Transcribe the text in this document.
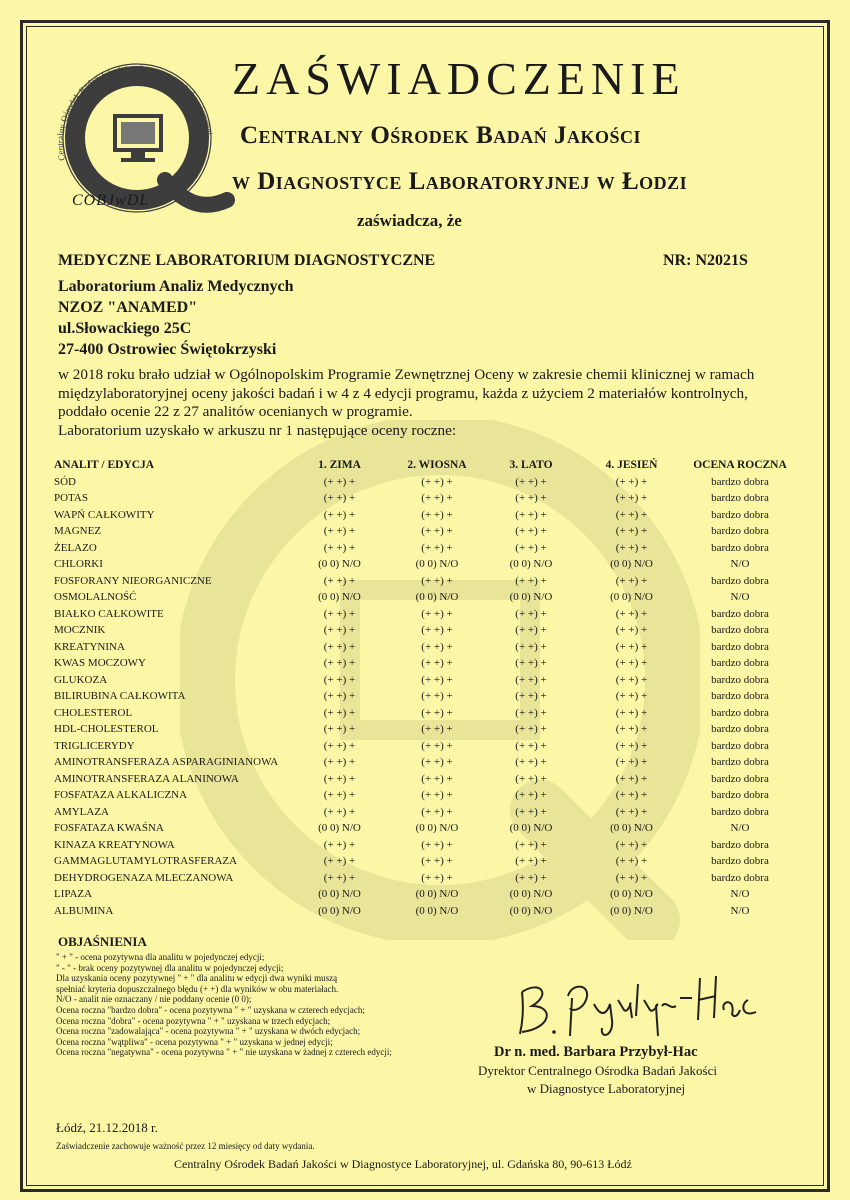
Centralny Ośrodek Badań Jakości w Diagnostyce Laboratoryjnej
COBJwDL
ZAŚWIADCZENIE
Centralny Ośrodek Badań Jakości
w Diagnostyce Laboratoryjnej w Łodzi
zaświadcza, że
MEDYCZNE LABORATORIUM DIAGNOSTYCZNE	NR: N2021S
Laboratorium Analiz Medycznych
NZOZ "ANAMED"
ul.Słowackiego 25C
27-400 Ostrowiec Świętokrzyski
w 2018 roku brało udział w Ogólnopolskim Programie Zewnętrznej Oceny w zakresie chemii klinicznej w ramach
międzylaboratoryjnej oceny jakości badań i w 4 z 4 edycji programu, każda z użyciem 2 materiałów kontrolnych,
poddało ocenie 22 z 27 analitów ocenianych w programie.
Laboratorium uzyskało w arkuszu nr 1 następujące oceny roczne:
ANALIT / EDYCJA	1. ZIMA	2. WIOSNA	3. LATO	4. JESIEŃ	OCENA ROCZNA
SÓD	(+ +) +	(+ +) +	(+ +) +	(+ +) +	bardzo dobra
POTAS	(+ +) +	(+ +) +	(+ +) +	(+ +) +	bardzo dobra
WAPŃ CAŁKOWITY	(+ +) +	(+ +) +	(+ +) +	(+ +) +	bardzo dobra
MAGNEZ	(+ +) +	(+ +) +	(+ +) +	(+ +) +	bardzo dobra
ŻELAZO	(+ +) +	(+ +) +	(+ +) +	(+ +) +	bardzo dobra
CHLORKI	(0 0) N/O	(0 0) N/O	(0 0) N/O	(0 0) N/O	N/O
FOSFORANY NIEORGANICZNE	(+ +) +	(+ +) +	(+ +) +	(+ +) +	bardzo dobra
OSMOLALNOŚĆ	(0 0) N/O	(0 0) N/O	(0 0) N/O	(0 0) N/O	N/O
BIAŁKO CAŁKOWITE	(+ +) +	(+ +) +	(+ +) +	(+ +) +	bardzo dobra
MOCZNIK	(+ +) +	(+ +) +	(+ +) +	(+ +) +	bardzo dobra
KREATYNINA	(+ +) +	(+ +) +	(+ +) +	(+ +) +	bardzo dobra
KWAS MOCZOWY	(+ +) +	(+ +) +	(+ +) +	(+ +) +	bardzo dobra
GLUKOZA	(+ +) +	(+ +) +	(+ +) +	(+ +) +	bardzo dobra
BILIRUBINA CAŁKOWITA	(+ +) +	(+ +) +	(+ +) +	(+ +) +	bardzo dobra
CHOLESTEROL	(+ +) +	(+ +) +	(+ +) +	(+ +) +	bardzo dobra
HDL-CHOLESTEROL	(+ +) +	(+ +) +	(+ +) +	(+ +) +	bardzo dobra
TRIGLICERYDY	(+ +) +	(+ +) +	(+ +) +	(+ +) +	bardzo dobra
AMINOTRANSFERAZA ASPARAGINIANOWA	(+ +) +	(+ +) +	(+ +) +	(+ +) +	bardzo dobra
AMINOTRANSFERAZA ALANINOWA	(+ +) +	(+ +) +	(+ +) +	(+ +) +	bardzo dobra
FOSFATAZA ALKALICZNA	(+ +) +	(+ +) +	(+ +) +	(+ +) +	bardzo dobra
AMYLAZA	(+ +) +	(+ +) +	(+ +) +	(+ +) +	bardzo dobra
FOSFATAZA KWAŚNA	(0 0) N/O	(0 0) N/O	(0 0) N/O	(0 0) N/O	N/O
KINAZA KREATYNOWA	(+ +) +	(+ +) +	(+ +) +	(+ +) +	bardzo dobra
GAMMAGLUTAMYLOTRASFERAZA	(+ +) +	(+ +) +	(+ +) +	(+ +) +	bardzo dobra
DEHYDROGENAZA MLECZANOWA	(+ +) +	(+ +) +	(+ +) +	(+ +) +	bardzo dobra
LIPAZA	(0 0) N/O	(0 0) N/O	(0 0) N/O	(0 0) N/O	N/O
ALBUMINA	(0 0) N/O	(0 0) N/O	(0 0) N/O	(0 0) N/O	N/O
OBJAŚNIENIA
" + " - ocena pozytywna dla analitu w pojedynczej edycji;
" - " - brak oceny pozytywnej dla analitu w pojedynczej edycji;
Dla uzyskania oceny pozytywnej " + " dla analitu w edycji dwa wyniki muszą
spełniać kryteria dopuszczalnego błędu (+ +) dla wyników w obu materiałach.
N/O - analit nie oznaczany / nie poddany ocenie (0 0);
Ocena roczna "bardzo dobra" - ocena pozytywna " + " uzyskana w czterech edycjach;
Ocena roczna "dobra" - ocena pozytywna " + " uzyskana w trzech edycjach;
Ocena roczna "zadowalająca" - ocena pozytywna " + " uzyskana w dwóch edycjach;
Ocena roczna "wątpliwa" - ocena pozytywna " + " uzyskana w jednej edycji;
Ocena roczna "negatywna" - ocena pozytywna " + " nie uzyskana w żadnej z czterech edycji;	Dr n. med. Barbara Przybył-Hac
Dyrektor Centralnego Ośrodka Badań Jakości
w Diagnostyce Laboratoryjnej
Łódź, 21.12.2018 r.
Zaświadczenie zachowuje ważność przez 12 miesięcy od daty wydania.
Centralny Ośrodek Badań Jakości w Diagnostyce Laboratoryjnej, ul. Gdańska 80, 90-613 Łódź
